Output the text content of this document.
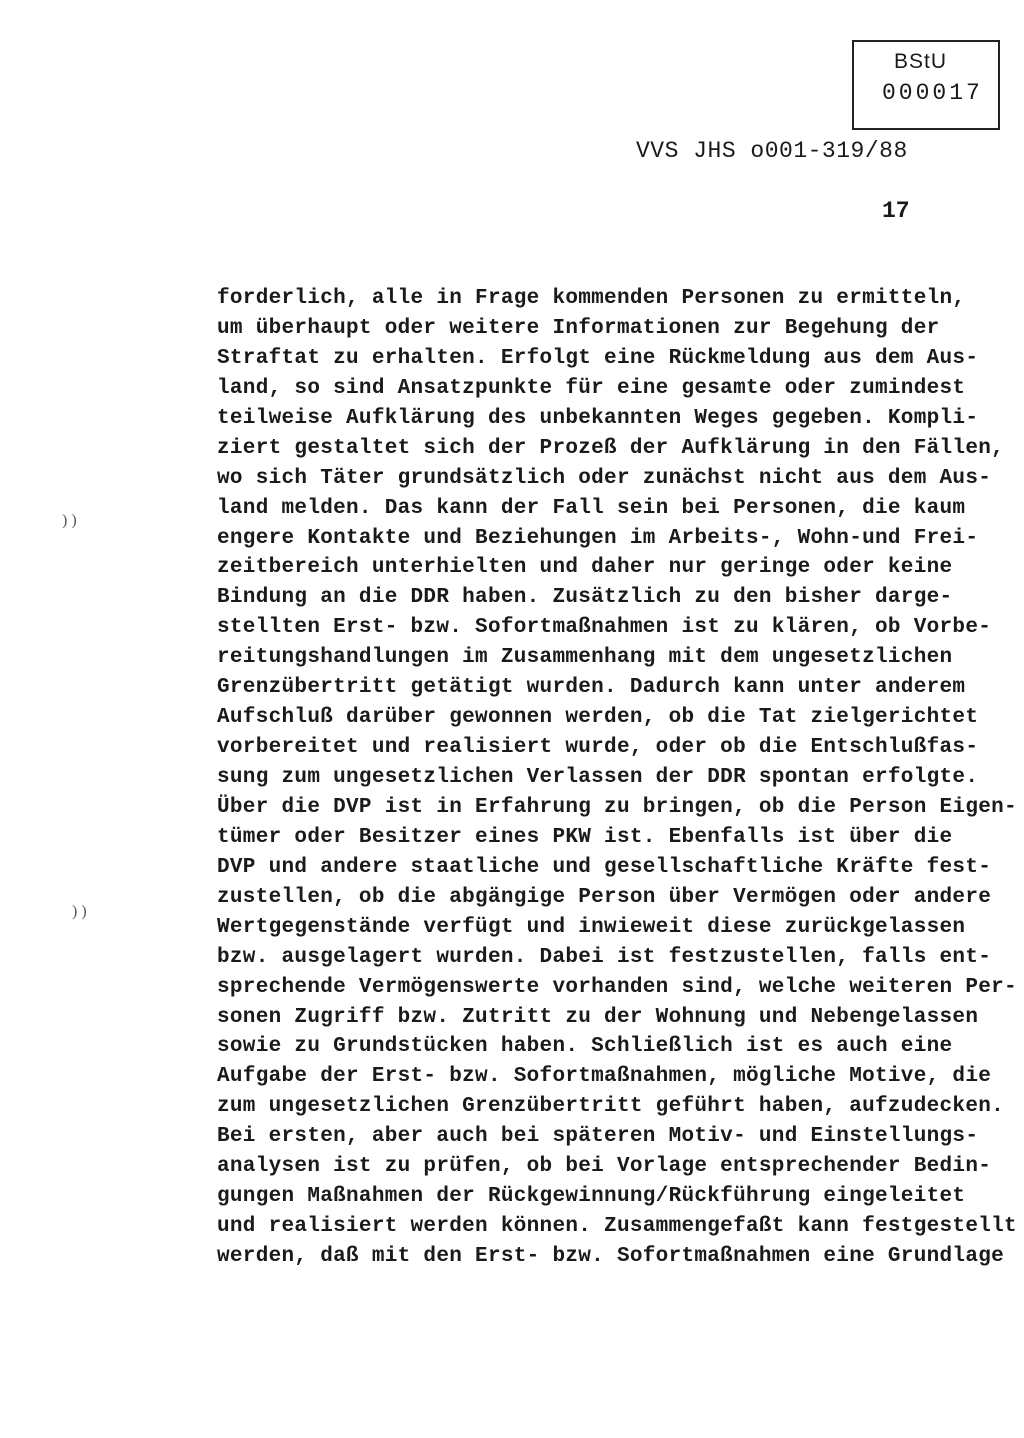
BStU
000017
VVS JHS o001-319/88
17
) )
) )
forderlich, alle in Frage kommenden Personen zu ermitteln,
um überhaupt oder weitere Informationen zur Begehung der
Straftat zu erhalten. Erfolgt eine Rückmeldung aus dem Aus-
land, so sind Ansatzpunkte für eine gesamte oder zumindest
teilweise Aufklärung des unbekannten Weges gegeben. Kompli-
ziert gestaltet sich der Prozeß der Aufklärung in den Fällen,
wo sich Täter grundsätzlich oder zunächst nicht aus dem Aus-
land melden. Das kann der Fall sein bei Personen, die kaum
engere Kontakte und Beziehungen im Arbeits-, Wohn-und Frei-
zeitbereich unterhielten und daher nur geringe oder keine
Bindung an die DDR haben. Zusätzlich zu den bisher darge-
stellten Erst- bzw. Sofortmaßnahmen ist zu klären, ob Vorbe-
reitungshandlungen im Zusammenhang mit dem ungesetzlichen
Grenzübertritt getätigt wurden. Dadurch kann unter anderem
Aufschluß darüber gewonnen werden, ob die Tat zielgerichtet
vorbereitet und realisiert wurde, oder ob die Entschlußfas-
sung zum ungesetzlichen Verlassen der DDR spontan erfolgte.
Über die DVP ist in Erfahrung zu bringen, ob die Person Eigen-
tümer oder Besitzer eines PKW ist. Ebenfalls ist über die
DVP und andere staatliche und gesellschaftliche Kräfte fest-
zustellen, ob die abgängige Person über Vermögen oder andere
Wertgegenstände verfügt und inwieweit diese zurückgelassen
bzw. ausgelagert wurden. Dabei ist festzustellen, falls ent-
sprechende Vermögenswerte vorhanden sind, welche weiteren Per-
sonen Zugriff bzw. Zutritt zu der Wohnung und Nebengelassen
sowie zu Grundstücken haben. Schließlich ist es auch eine
Aufgabe der Erst- bzw. Sofortmaßnahmen, mögliche Motive, die
zum ungesetzlichen Grenzübertritt geführt haben, aufzudecken.
Bei ersten, aber auch bei späteren Motiv- und Einstellungs-
analysen ist zu prüfen, ob bei Vorlage entsprechender Bedin-
gungen Maßnahmen der Rückgewinnung/Rückführung eingeleitet
und realisiert werden können. Zusammengefaßt kann festgestellt
werden, daß mit den Erst- bzw. Sofortmaßnahmen eine Grundlage
